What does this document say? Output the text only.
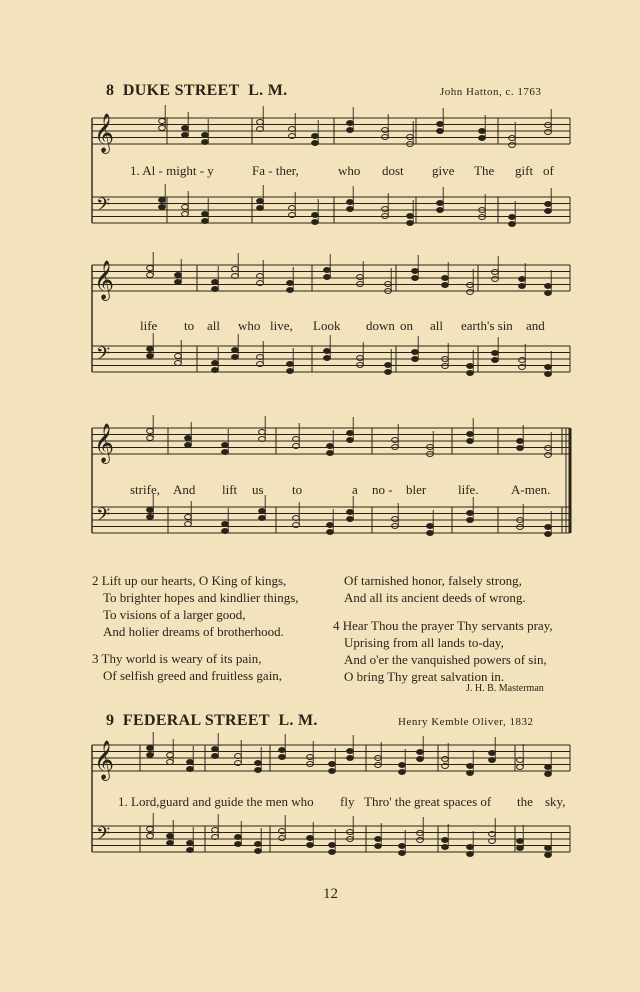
𝄞
𝄢
𝄞
𝄢
𝄞
𝄢
𝄞
𝄢
8 DUKE STREET L. M.	John Hatton, c. 1763
1. Al - might - y	Fa - ther,	who dost give The gift of
life to all who live, Look down on all earth's sin and
strife, And lift us to	a no - bler life. A-men.
2 Lift up our hearts, O King of kings,
To brighter hopes and kindlier things,
To visions of a larger good,
And holier dreams of brotherhood.
3 Thy world is weary of its pain,
Of selfish greed and fruitless gain,
Of tarnished honor, falsely strong,
And all its ancient deeds of wrong.
4 Hear Thou the prayer Thy servants pray,
Uprising from all lands to-day,
And o'er the vanquished powers of sin,
O bring Thy great salvation in.
J. H. B. Masterman
9 FEDERAL STREET L. M.	Henry Kemble Oliver, 1832
1. Lord,guard and guide the men who fly Thro' the great spaces of the sky,
12
